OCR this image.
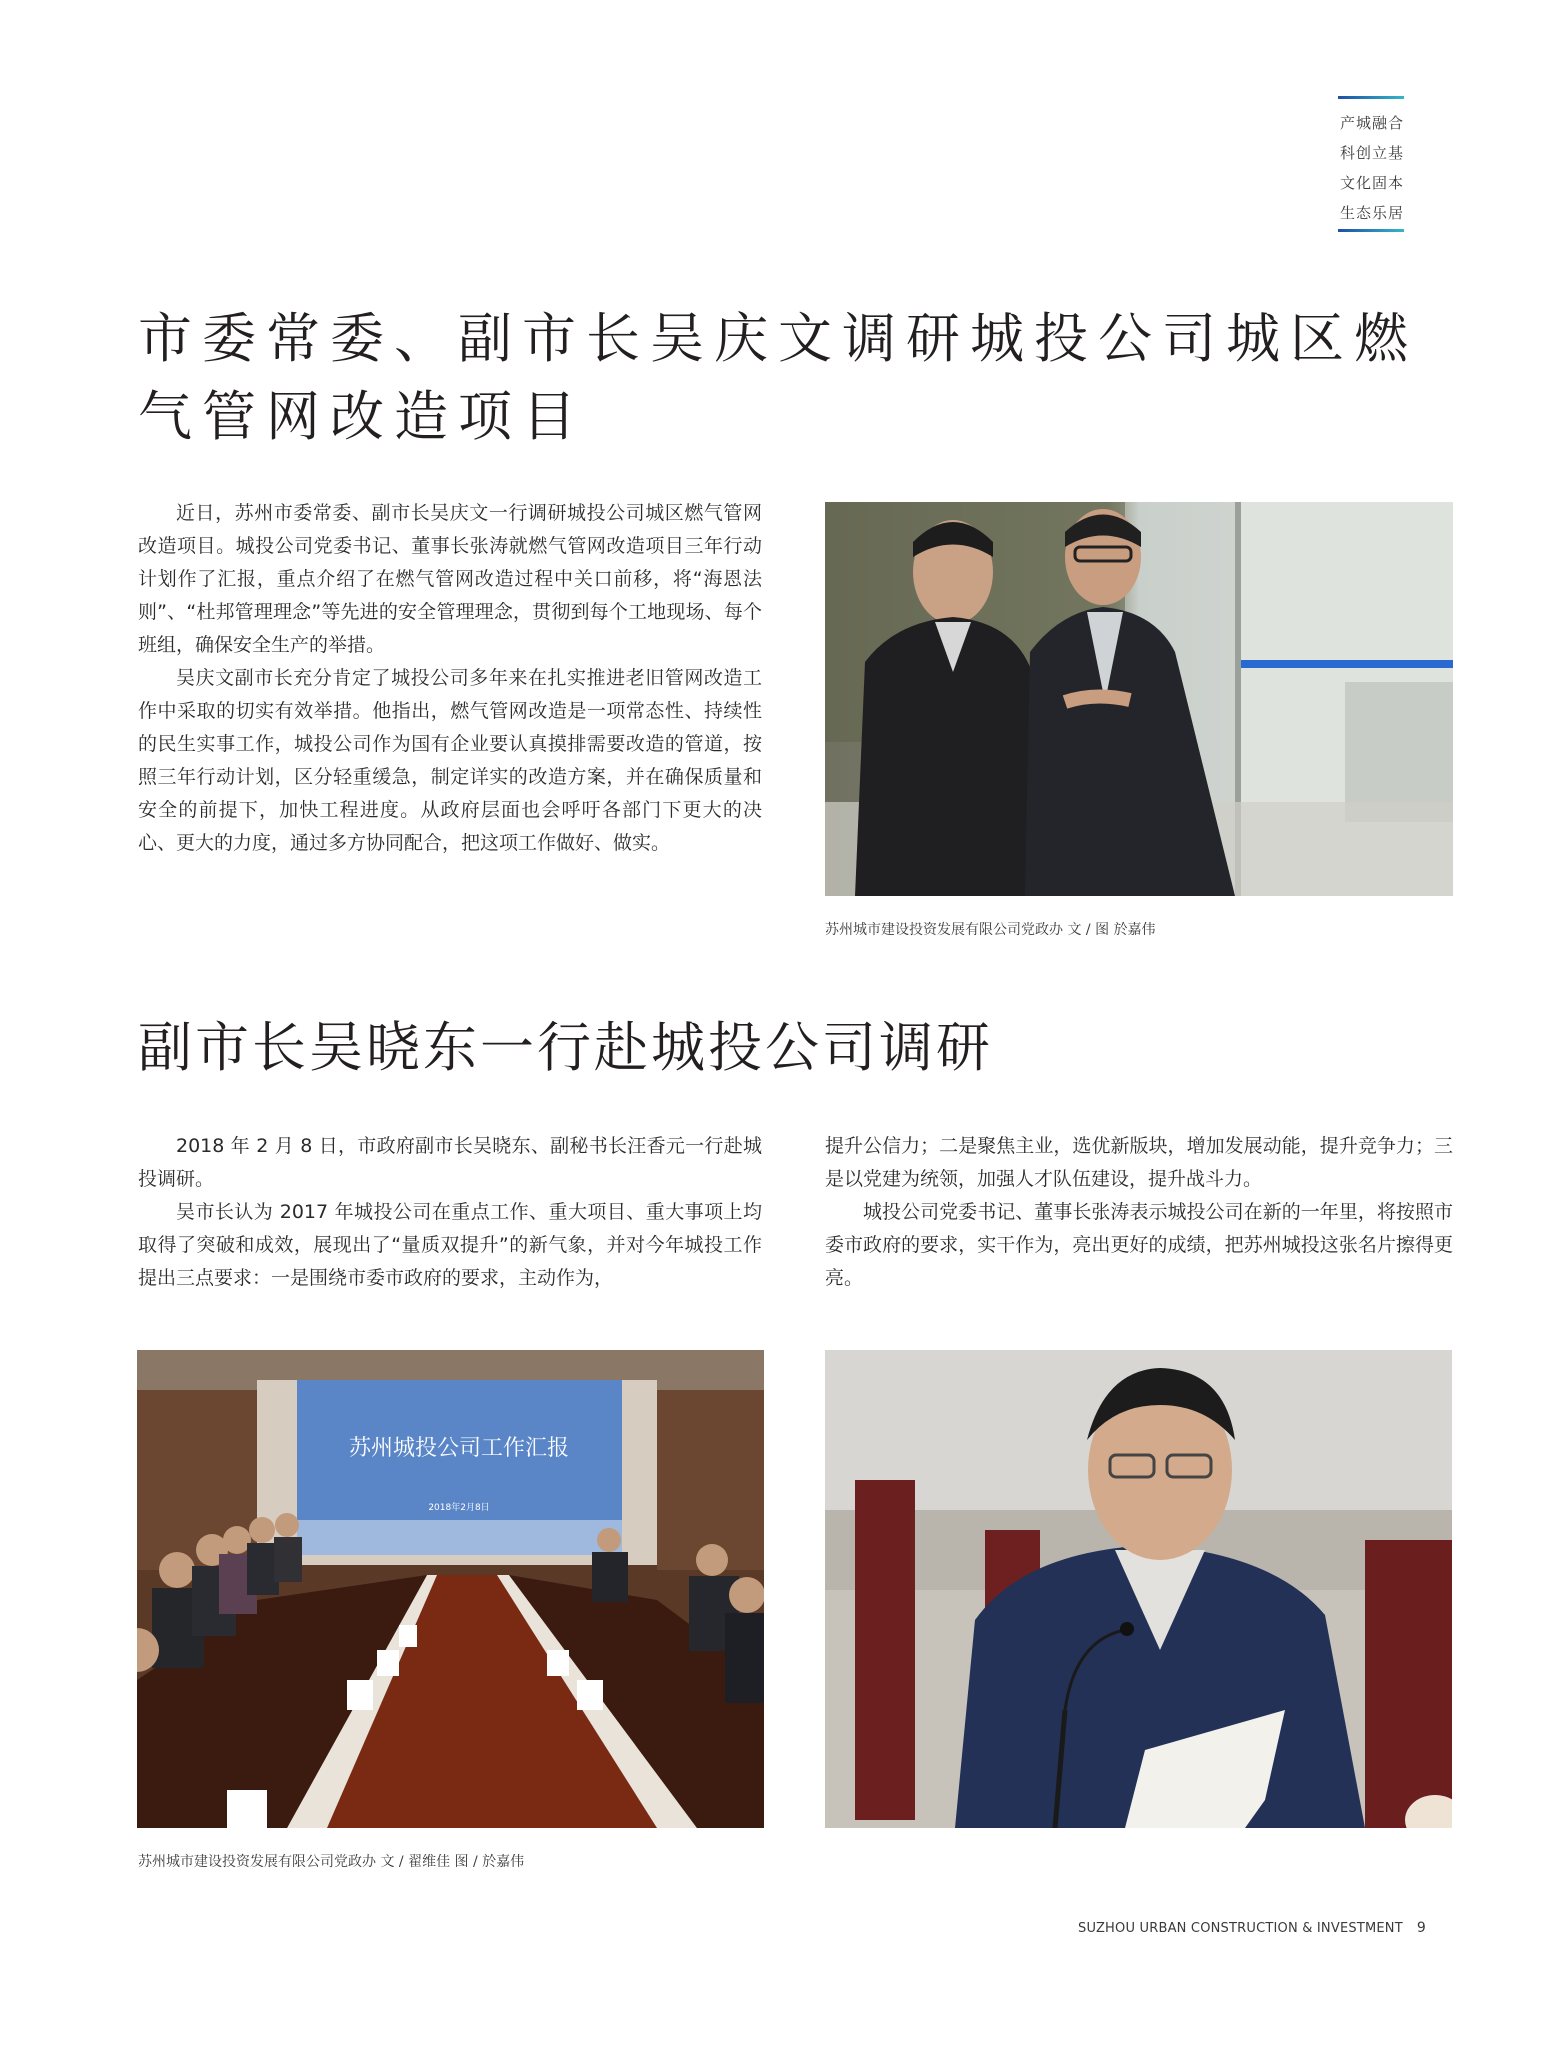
产城融合
科创立基
文化固本
生态乐居
市委常委、副市长吴庆文调研城投公司城区燃
气管网改造项目

近日，苏州市委常委、副市长吴庆文一行调研城投公司城区燃气管网改造项目。城投公司党委书记、董事长张涛就燃气管网改造项目三年行动计划作了汇报，重点介绍了在燃气管网改造过程中关口前移，将“海恩法则”、“杜邦管理理念”等先进的安全管理理念，贯彻到每个工地现场、每个班组，确保安全生产的举措。

吴庆文副市长充分肯定了城投公司多年来在扎实推进老旧管网改造工作中采取的切实有效举措。他指出，燃气管网改造是一项常态性、持续性的民生实事工作，城投公司作为国有企业要认真摸排需要改造的管道，按照三年行动计划，区分轻重缓急，制定详实的改造方案，并在确保质量和安全的前提下，加快工程进度。从政府层面也会呼吁各部门下更大的决心、更大的力度，通过多方协同配合，把这项工作做好、做实。

苏州城市建设投资发展有限公司党政办 文 / 图 於嘉伟
副市长吴晓东一行赴城投公司调研

2018 年 2 月 8 日，市政府副市长吴晓东、副秘书长汪香元一行赴城投调研。

吴市长认为 2017 年城投公司在重点工作、重大项目、重大事项上均取得了突破和成效，展现出了“量质双提升”的新气象，并对今年城投工作提出三点要求：一是围绕市委市政府的要求，主动作为，

提升公信力；二是聚焦主业，选优新版块，增加发展动能，提升竞争力；三是以党建为统领，加强人才队伍建设，提升战斗力。

城投公司党委书记、董事长张涛表示城投公司在新的一年里，将按照市委市政府的要求，实干作为，亮出更好的成绩，把苏州城投这张名片擦得更亮。

苏州城投公司工作汇报
2018年2月8日
苏州城市建设投资发展有限公司党政办 文 / 翟维佳 图 / 於嘉伟
SUZHOU URBAN CONSTRUCTION & INVESTMENT 9
